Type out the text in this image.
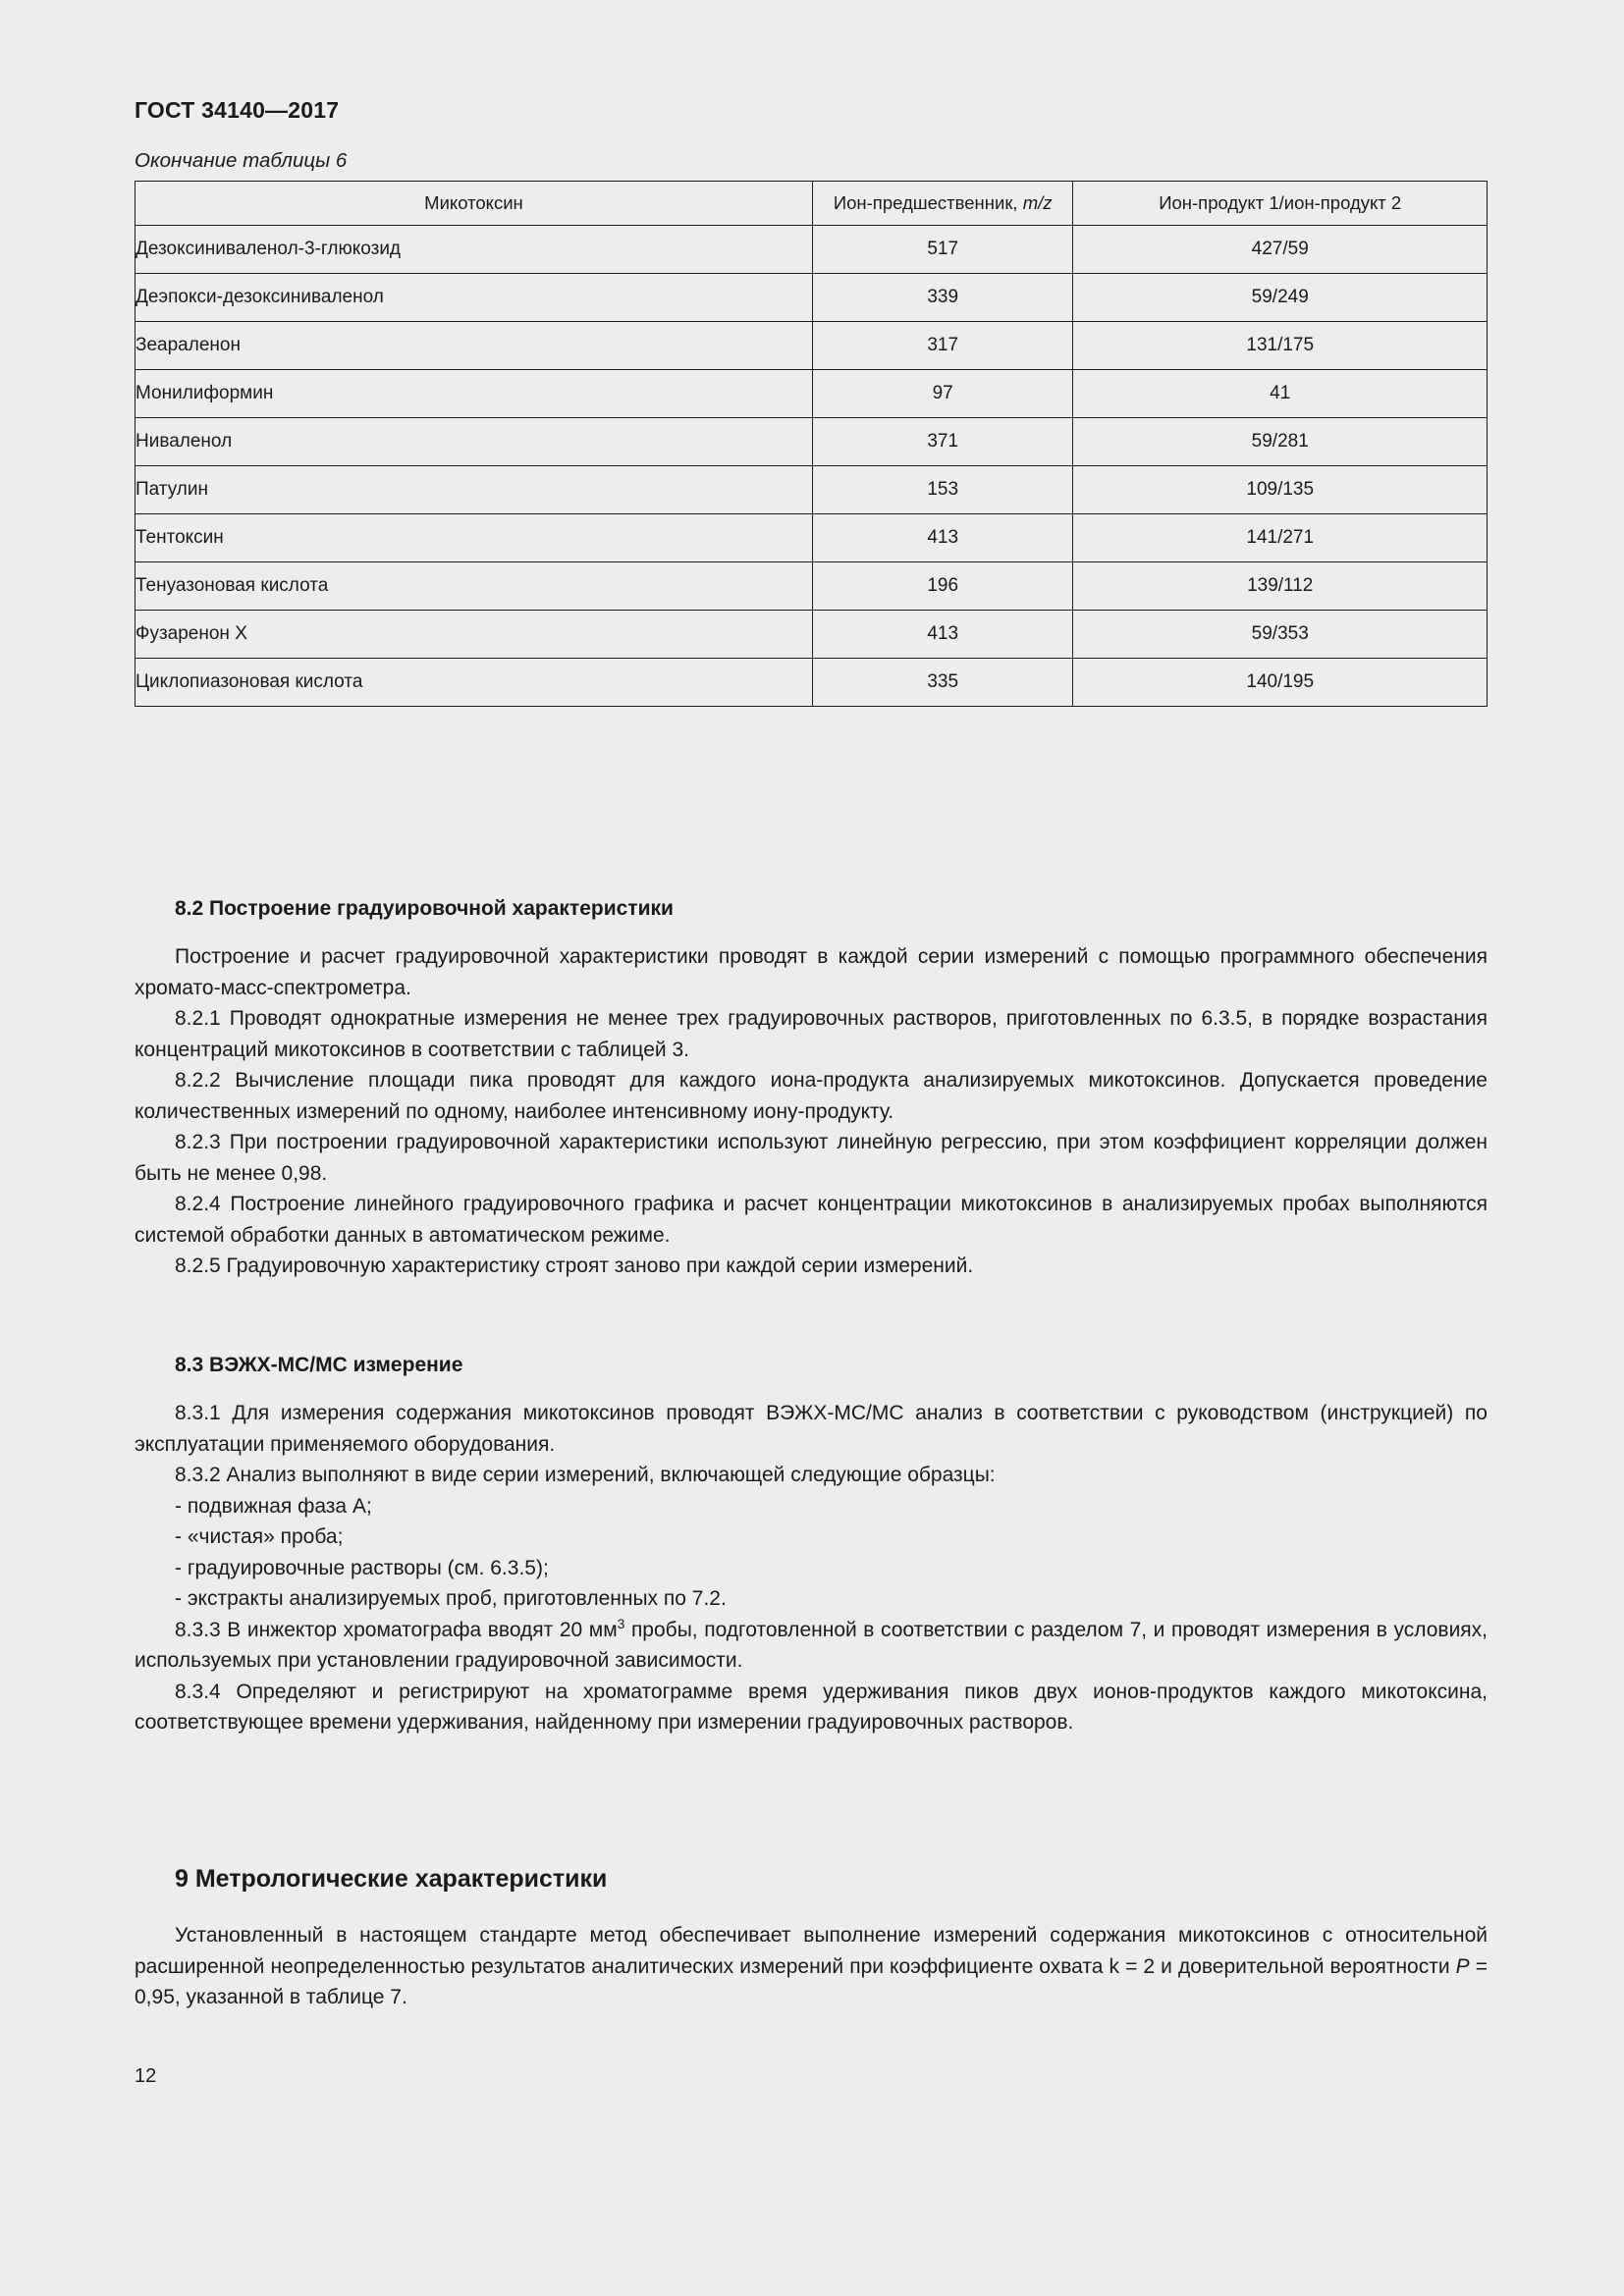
ГОСТ 34140—2017
Окончание таблицы 6
Микотоксин	Ион-предшественник, m/z	Ион-продукт 1/ион-продукт 2
Дезоксиниваленол-3-глюкозид	517	427/59
Деэпокси-дезоксиниваленол	339	59/249
Зеараленон	317	131/175
Монилиформин	97	41
Ниваленол	371	59/281
Патулин	153	109/135
Тентоксин	413	141/271
Тенуазоновая кислота	196	139/112
Фузаренон X	413	59/353
Циклопиазоновая кислота	335	140/195
8.2 Построение градуировочной характеристики

Построение и расчет градуировочной характеристики проводят в каждой серии измерений с помощью программного обеспечения хромато-масс-спектрометра.

8.2.1 Проводят однократные измерения не менее трех градуировочных растворов, приготовленных по 6.3.5, в порядке возрастания концентраций микотоксинов в соответствии с таблицей 3.

8.2.2 Вычисление площади пика проводят для каждого иона-продукта анализируемых микотоксинов. Допускается проведение количественных измерений по одному, наиболее интенсивному иону-продукту.

8.2.3 При построении градуировочной характеристики используют линейную регрессию, при этом коэффициент корреляции должен быть не менее 0,98.

8.2.4 Построение линейного градуировочного графика и расчет концентрации микотоксинов в анализируемых пробах выполняются системой обработки данных в автоматическом режиме.

8.2.5 Градуировочную характеристику строят заново при каждой серии измерений.

8.3 ВЭЖХ-МС/МС измерение

8.3.1 Для измерения содержания микотоксинов проводят ВЭЖХ-МС/МС анализ в соответствии с руководством (инструкцией) по эксплуатации применяемого оборудования.

8.3.2 Анализ выполняют в виде серии измерений, включающей следующие образцы:

- подвижная фаза А;

- «чистая» проба;

- градуировочные растворы (см. 6.3.5);

- экстракты анализируемых проб, приготовленных по 7.2.

8.3.3 В инжектор хроматографа вводят 20 $мм^3$ пробы, подготовленной в соответствии с разделом 7, и проводят измерения в условиях, используемых при установлении градуировочной зависимости.

8.3.4 Определяют и регистрируют на хроматограмме время удерживания пиков двух ионов-продуктов каждого микотоксина, соответствующее времени удерживания, найденному при измерении градуировочных растворов.

9 Метрологические характеристики

Установленный в настоящем стандарте метод обеспечивает выполнение измерений содержания микотоксинов с относительной расширенной неопределенностью результатов аналитических измерений при коэффициенте охвата k = 2 и доверительной вероятности P = 0,95, указанной в таблице 7.

12
